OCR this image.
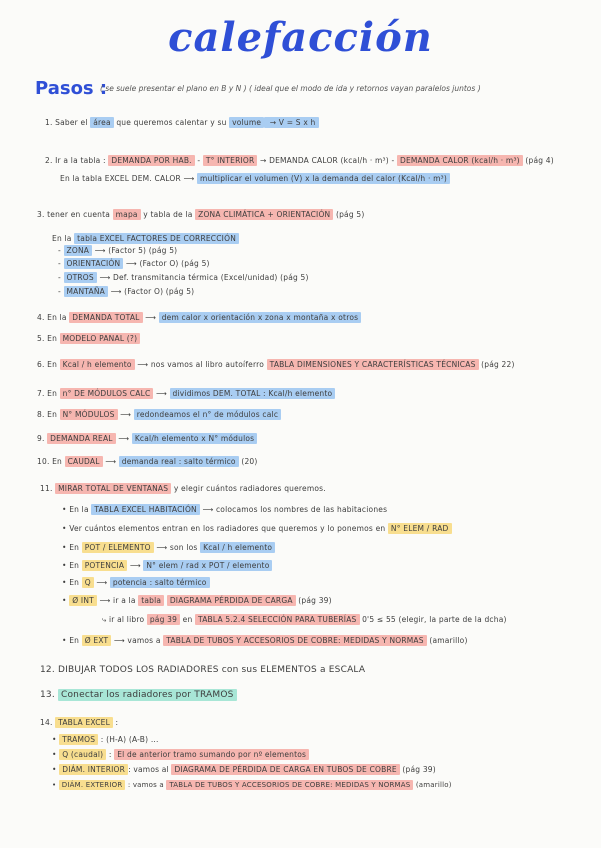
calefacción
Pasos :
( se suele presentar el plano en B y N ) ( ideal que el modo de ida y retornos vayan paralelos juntos )
1. Saber el área que queremos calentar y su volume → V = S x h
2. Ir a la tabla : DEMANDA POR HAB. - T° INTERIOR → DEMANDA CALOR (kcal/h · m³) - DEMANDA CALOR (kcal/h · m³) (pág 4)
En la tabla EXCEL DEM. CALOR ⟶ multiplicar el volumen (V) x la demanda del calor (Kcal/h · m³)
3. tener en cuenta mapa y tabla de la ZONA CLIMÁTICA + ORIENTACIÓN (pág 5)
En la tabla EXCEL FACTORES DE CORRECCIÓN
- ZONA ⟶ (Factor 5) (pág 5)
- ORIENTACIÓN ⟶ (Factor O) (pág 5)
- OTROS ⟶ Def. transmitancia térmica (Excel/unidad) (pág 5)
- MANTAÑA ⟶ (Factor O) (pág 5)
4. En la DEMANDA TOTAL ⟶ dem calor x orientación x zona x montaña x otros
5. En MODELO PANAL (?)
6. En Kcal / h elemento ⟶ nos vamos al libro autoíferro TABLA DIMENSIONES Y CARACTERÍSTICAS TÉCNICAS (pág 22)
7. En n° DE MÓDULOS CALC ⟶ dividimos DEM. TOTAL : Kcal/h elemento
8. En N° MÓDULOS ⟶ redondeamos el n° de módulos calc
9. DEMANDA REAL ⟶ Kcal/h elemento x N° módulos
10. En CAUDAL ⟶ demanda real : salto térmico (20)
11. MIRAR TOTAL DE VENTANAS y elegir cuántos radiadores queremos.
• En la TABLA EXCEL HABITACIÓN ⟶ colocamos los nombres de las habitaciones
• Ver cuántos elementos entran en los radiadores que queremos y lo ponemos en N° ELEM / RAD
• En POT / ELEMENTO ⟶ son los Kcal / h elemento
• En POTENCIA ⟶ N° elem / rad x POT / elemento
• En Q ⟶ potencia : salto térmico
• Ø INT ⟶ ir a la tabla DIAGRAMA PÉRDIDA DE CARGA (pág 39)
⤷ ir al libro pág 39 en TABLA 5.2.4 SELECCIÓN PARA TUBERÍAS 0'5 ≤ 55 (elegir, la parte de la dcha)
• En Ø EXT ⟶ vamos a TABLA DE TUBOS Y ACCESORIOS DE COBRE: MEDIDAS Y NORMAS (amarillo)
12. DIBUJAR TODOS LOS RADIADORES con sus ELEMENTOS a ESCALA
13. Conectar los radiadores por TRAMOS
14. TABLA EXCEL :
• TRAMOS : (H-A) (A-B) ...
• Q (caudal) : El de anterior tramo sumando por nº elementos
• DIÁM. INTERIOR : vamos al DIAGRAMA DE PÉRDIDA DE CARGA EN TUBOS DE COBRE (pág 39)
• DIÁM. EXTERIOR : vamos a TABLA DE TUBOS Y ACCESORIOS DE COBRE: MEDIDAS Y NORMAS (amarillo)
